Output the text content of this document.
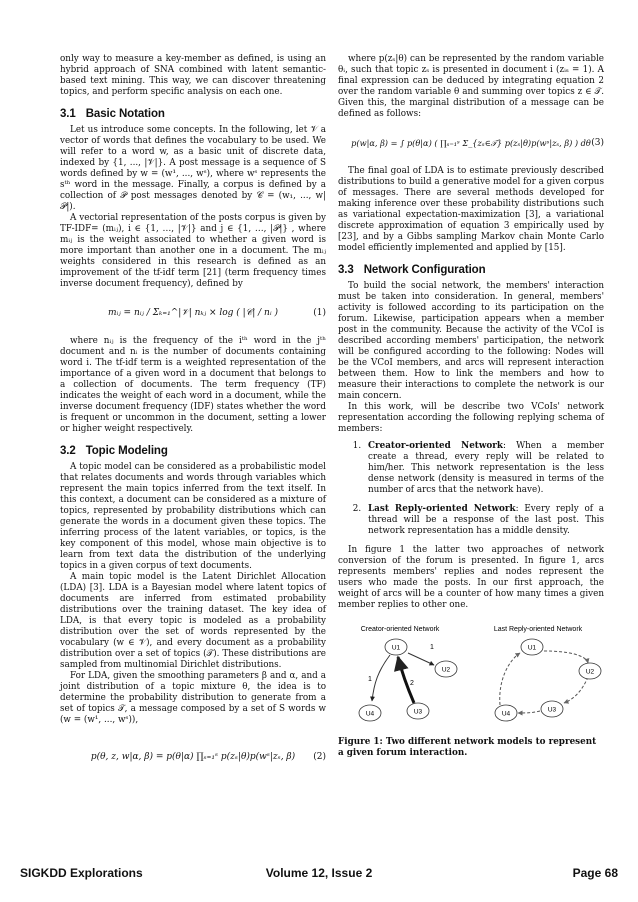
only way to measure a key-member as defined, is using an hybrid approach of SNA combined with latent semantic-based text mining. This way, we can discover threatening topics, and perform specific analysis on each one.

3.1 Basic Notation

Let us introduce some concepts. In the following, let 𝒱 a vector of words that defines the vocabulary to be used. We will refer to a word w, as a basic unit of discrete data, indexed by {1, ..., |𝒱|}. A post message is a sequence of S words defined by w = (w¹, ..., wˢ), where wˢ represents the sᵗʰ word in the message. Finally, a corpus is defined by a collection of 𝒫 post messages denoted by 𝒞 = (w₁, ..., w|𝒫|).

A vectorial representation of the posts corpus is given by TF-IDF= (mᵢⱼ), i ∈ {1, …, |𝒱|} and j ∈ {1, …, |𝒫|} , where mᵢⱼ is the weight associated to whether a given word is more important than another one in a document. The mᵢⱼ weights considered in this research is defined as an improvement of the tf-idf term [21] (term frequency times inverse document frequency), defined by

mᵢⱼ = nᵢⱼ / Σₖ₌₁^|𝒱| nₖⱼ × log ( |𝒞| / nᵢ )	(1)

where nᵢⱼ is the frequency of the iᵗʰ word in the jᵗʰ document and nᵢ is the number of documents containing word i. The tf-idf term is a weighted representation of the importance of a given word in a document that belongs to a collection of documents. The term frequency (TF) indicates the weight of each word in a document, while the inverse document frequency (IDF) states whether the word is frequent or uncommon in the document, setting a lower or higher weight respectively.

3.2 Topic Modeling

A topic model can be considered as a probabilistic model that relates documents and words through variables which represent the main topics inferred from the text itself. In this context, a document can be considered as a mixture of topics, represented by probability distributions which can generate the words in a document given these topics. The inferring process of the latent variables, or topics, is the key component of this model, whose main objective is to learn from text data the distribution of the underlying topics in a given corpus of text documents.

A main topic model is the Latent Dirichlet Allocation (LDA) [3]. LDA is a Bayesian model where latent topics of documents are inferred from estimated probability distributions over the training dataset. The key idea of LDA, is that every topic is modeled as a probability distribution over the set of words represented by the vocabulary (w ∈ 𝒱), and every document as a probability distribution over a set of topics (𝒯). These distributions are sampled from multinomial Dirichlet distributions.

For LDA, given the smoothing parameters β and α, and a joint distribution of a topic mixture θ, the idea is to determine the probability distribution to generate from a set of topics 𝒯, a message composed by a set of S words w (w = (w¹, ..., wˢ)),

p(θ, z, w|α, β) = p(θ|α) ∏ₛ₌₁ˢ p(zₛ|θ)p(wˢ|zₛ, β) (2)

where p(zₛ|θ) can be represented by the random variable θᵢ, such that topic zₛ is presented in document i (zᵢₛ = 1). A final expression can be deduced by integrating equation 2 over the random variable θ and summing over topics z ∈ 𝒯. Given this, the marginal distribution of a message can be defined as follows:

p(w|α, β) = ∫ p(θ|α) ( ∏ₛ₌₁ˢ Σ_{zₛ∈𝒯} p(zₛ|θ)p(wˢ|zₛ, β) ) dθ (3)

The final goal of LDA is to estimate previously described distributions to build a generative model for a given corpus of messages. There are several methods developed for making inference over these probability distributions such as variational expectation-maximization [3], a variational discrete approximation of equation 3 empirically used by [23], and by a Gibbs sampling Markov chain Monte Carlo model efficiently implemented and applied by [15].

3.3 Network Configuration

To build the social network, the members' interaction must be taken into consideration. In general, members' activity is followed according to its participation on the forum. Likewise, participation appears when a member post in the community. Because the activity of the VCoI is described according members' participation, the network will be configured according to the following: Nodes will be the VCoI members, and arcs will represent interaction between them. How to link the members and how to measure their interactions to complete the network is our main concern.

In this work, will be describe two VCoIs' network representation according the following replying schema of members:

1. Creator-oriented Network: When a member create a thread, every reply will be related to him/her. This network representation is the less dense network (density is measured in terms of the number of arcs that the network have).
2. Last Reply-oriented Network: Every reply of a thread will be a response of the last post. This network representation has a middle density.

In figure 1 the latter two approaches of network conversion of the forum is presented. In figure 1, arcs represents members' replies and nodes represent the users who made the posts. In our first approach, the weight of arcs will be a counter of how many times a given member replies to other one.

Creator-oriented Network	Last Reply-oriented Network
1
1
2
U1
U2
U3
U4
U1
U2
U3
U4
Figure 1: Two different network models to represent a given forum interaction.
SIGKDD Explorations	Volume 12, Issue 2	Page 68
